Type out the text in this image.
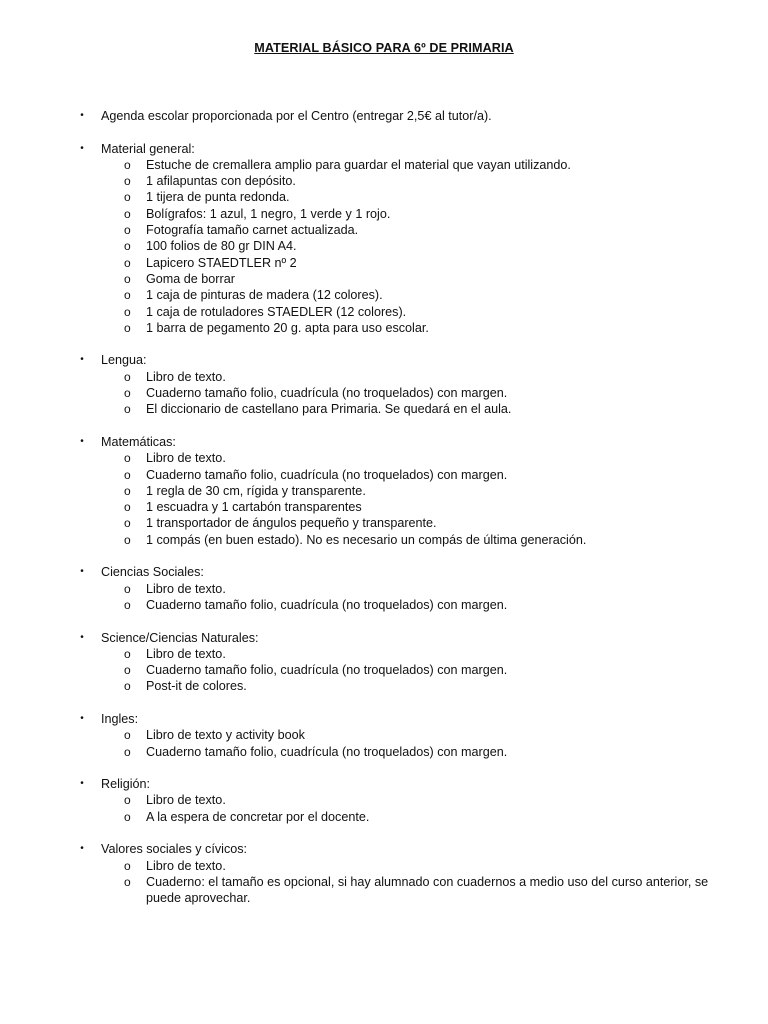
MATERIAL BÁSICO PARA 6º DE PRIMARIA
• Agenda escolar proporcionada por el Centro (entregar 2,5€ al tutor/a).
• Material general:
o Estuche de cremallera amplio para guardar el material que vayan utilizando.
o 1 afilapuntas con depósito.
o 1 tijera de punta redonda.
o Bolígrafos: 1 azul, 1 negro, 1 verde y 1 rojo.
o Fotografía tamaño carnet actualizada.
o 100 folios de 80 gr DIN A4.
o Lapicero STAEDTLER nº 2
o Goma de borrar
o 1 caja de pinturas de madera (12 colores).
o 1 caja de rotuladores STAEDLER (12 colores).
o 1 barra de pegamento 20 g. apta para uso escolar.
• Lengua:
o Libro de texto.
o Cuaderno tamaño folio, cuadrícula (no troquelados) con margen.
o El diccionario de castellano para Primaria. Se quedará en el aula.
• Matemáticas:
o Libro de texto.
o Cuaderno tamaño folio, cuadrícula (no troquelados) con margen.
o 1 regla de 30 cm, rígida y transparente.
o 1 escuadra y 1 cartabón transparentes
o 1 transportador de ángulos pequeño y transparente.
o 1 compás (en buen estado). No es necesario un compás de última generación.
• Ciencias Sociales:
o Libro de texto.
o Cuaderno tamaño folio, cuadrícula (no troquelados) con margen.
• Science/Ciencias Naturales:
o Libro de texto.
o Cuaderno tamaño folio, cuadrícula (no troquelados) con margen.
o Post-it de colores.
• Ingles:
o Libro de texto y activity book
o Cuaderno tamaño folio, cuadrícula (no troquelados) con margen.
• Religión:
o Libro de texto.
o A la espera de concretar por el docente.
• Valores sociales y cívicos:
o Libro de texto.
o Cuaderno: el tamaño es opcional, si hay alumnado con cuadernos a medio uso del curso anterior, se puede aprovechar.
